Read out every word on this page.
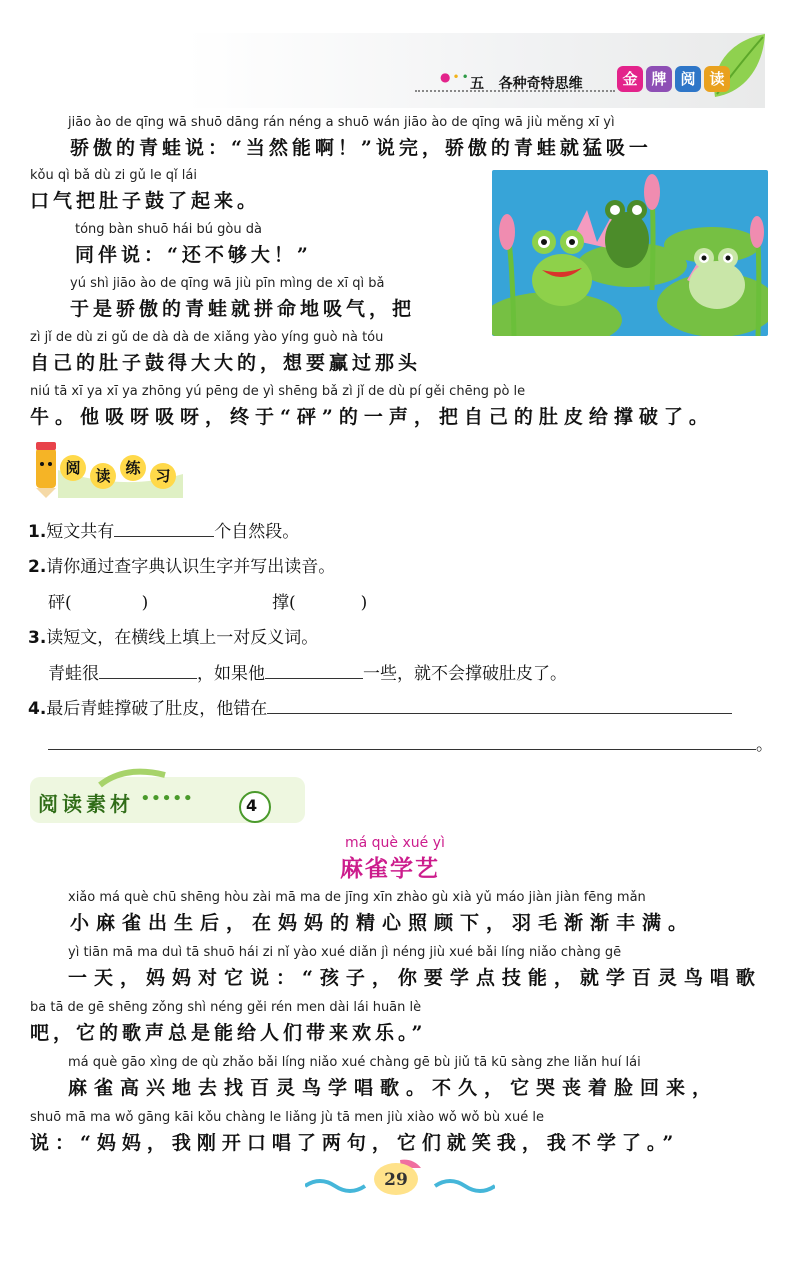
●•• 五 各种奇特思维	金 牌 阅 读
jiāo ào de qīng wā shuō dāng rán néng a shuō wán jiāo ào de qīng wā jiù měng xī yì
骄傲的青蛙说：“当然能啊！”说完，骄傲的青蛙就猛吸一
kǒu qì bǎ dù zi gǔ le qǐ lái
口气把肚子鼓了起来。
tóng bàn shuō hái bú gòu dà
同伴说：“还不够大！”
yú shì jiāo ào de qīng wā jiù pīn mìng de xī qì bǎ
于是骄傲的青蛙就拼命地吸气，把
zì jǐ de dù zi gǔ de dà dà de xiǎng yào yíng guò nà tóu
自己的肚子鼓得大大的，想要赢过那头
niú tā xī ya xī ya zhōng yú pēng de yì shēng bǎ zì jǐ de dù pí gěi chēng pò le
牛。他吸呀吸呀，终于“砰”的一声，把自己的肚皮给撑破了。
阅 读 练 习
1.短文共有	个自然段。
2.请你通过查字典认识生字并写出读音。
砰(	)	撑(	)
3.读短文，在横线上填上一对反义词。
青蛙很	，如果他	一些，就不会撑破肚皮了。
4.最后青蛙撑破了肚皮，他错在
。
阅读素材 •••••	4
má què xué yì
麻雀学艺
xiǎo má què chū shēng hòu zài mā ma de jīng xīn zhào gù xià yǔ máo jiàn jiàn fēng mǎn
小麻雀出生后，在妈妈的精心照顾下，羽毛渐渐丰满。
yì tiān mā ma duì tā shuō hái zi nǐ yào xué diǎn jì néng jiù xué bǎi líng niǎo chàng gē
一天，妈妈对它说：“孩子，你要学点技能，就学百灵鸟唱歌
ba tā de gē shēng zǒng shì néng gěi rén men dài lái huān lè
吧，它的歌声总是能给人们带来欢乐。”
má què gāo xìng de qù zhǎo bǎi líng niǎo xué chàng gē bù jiǔ tā kū sàng zhe liǎn huí lái
麻雀高兴地去找百灵鸟学唱歌。不久，它哭丧着脸回来，
shuō mā ma wǒ gāng kāi kǒu chàng le liǎng jù tā men jiù xiào wǒ wǒ bù xué le
说：“妈妈，我刚开口唱了两句，它们就笑我，我不学了。”
29
